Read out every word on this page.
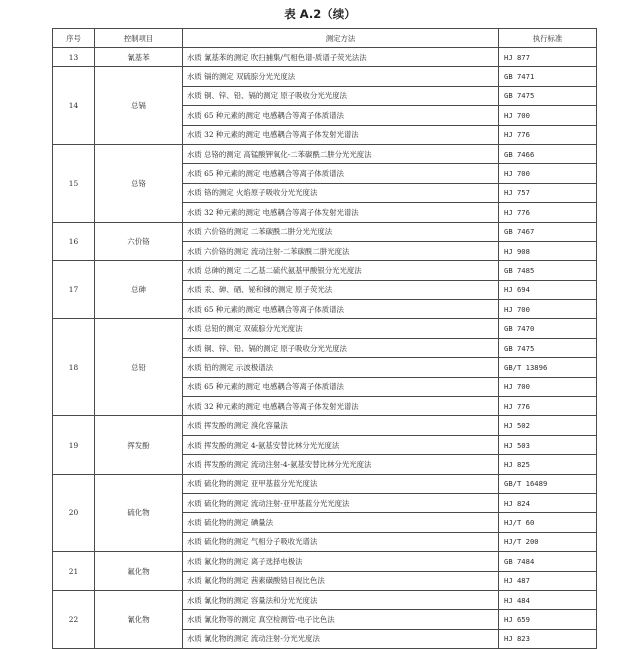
表 A.2（续）
序号	控制项目	测定方法	执行标准
13	氰基苯	水质 氰基苯的测定 吹扫捕集/气相色谱-质谱子荧光法法	HJ 877
14	总镉	水质 镉的测定 双硫腙分光光度法	GB 7471
		水质 铜、锌、铅、镉的测定 原子吸收分光光度法	GB 7475
		水质 65 种元素的测定 电感耦合等离子体质谱法	HJ 700
		水质 32 种元素的测定 电感耦合等离子体发射光谱法	HJ 776
15	总铬	水质 总铬的测定 高锰酸钾氧化-二苯碳酰二肼分光光度法	GB 7466
		水质 65 种元素的测定 电感耦合等离子体质谱法	HJ 700
		水质 铬的测定 火焰原子吸收分光光度法	HJ 757
		水质 32 种元素的测定 电感耦合等离子体发射光谱法	HJ 776
16	六价铬	水质 六价铬的测定 二苯碳酰二肼分光光度法	GB 7467
		水质 六价铬的测定 流动注射-二苯碳酰二肼光度法	HJ 908
17	总砷	水质 总砷的测定 二乙基二硫代氨基甲酸银分光光度法	GB 7485
		水质 汞、砷、硒、铋和锑的测定 原子荧光法	HJ 694
		水质 65 种元素的测定 电感耦合等离子体质谱法	HJ 700
18	总铅	水质 总铅的测定 双硫腙分光光度法	GB 7470
		水质 铜、锌、铅、镉的测定 原子吸收分光光度法	GB 7475
		水质 铅的测定 示波极谱法	GB/T 13896
		水质 65 种元素的测定 电感耦合等离子体质谱法	HJ 700
		水质 32 种元素的测定 电感耦合等离子体发射光谱法	HJ 776
19	挥发酚	水质 挥发酚的测定 溴化容量法	HJ 502
		水质 挥发酚的测定 4-氨基安替比林分光光度法	HJ 503
		水质 挥发酚的测定 流动注射-4-氨基安替比林分光光度法	HJ 825
20	硫化物	水质 硫化物的测定 亚甲基蓝分光光度法	GB/T 16489
		水质 硫化物的测定 流动注射-亚甲基蓝分光光度法	HJ 824
		水质 硫化物的测定 碘量法	HJ/T 60
		水质 硫化物的测定 气相分子吸收光谱法	HJ/T 200
21	氟化物	水质 氟化物的测定 离子选择电极法	GB 7484
		水质 氟化物的测定 茜素磺酸锆目视比色法	HJ 487
22	氰化物	水质 氰化物的测定 容量法和分光光度法	HJ 484
		水质 氰化物等的测定 真空检测管-电子比色法	HJ 659
		水质 氰化物的测定 流动注射-分光光度法	HJ 823
